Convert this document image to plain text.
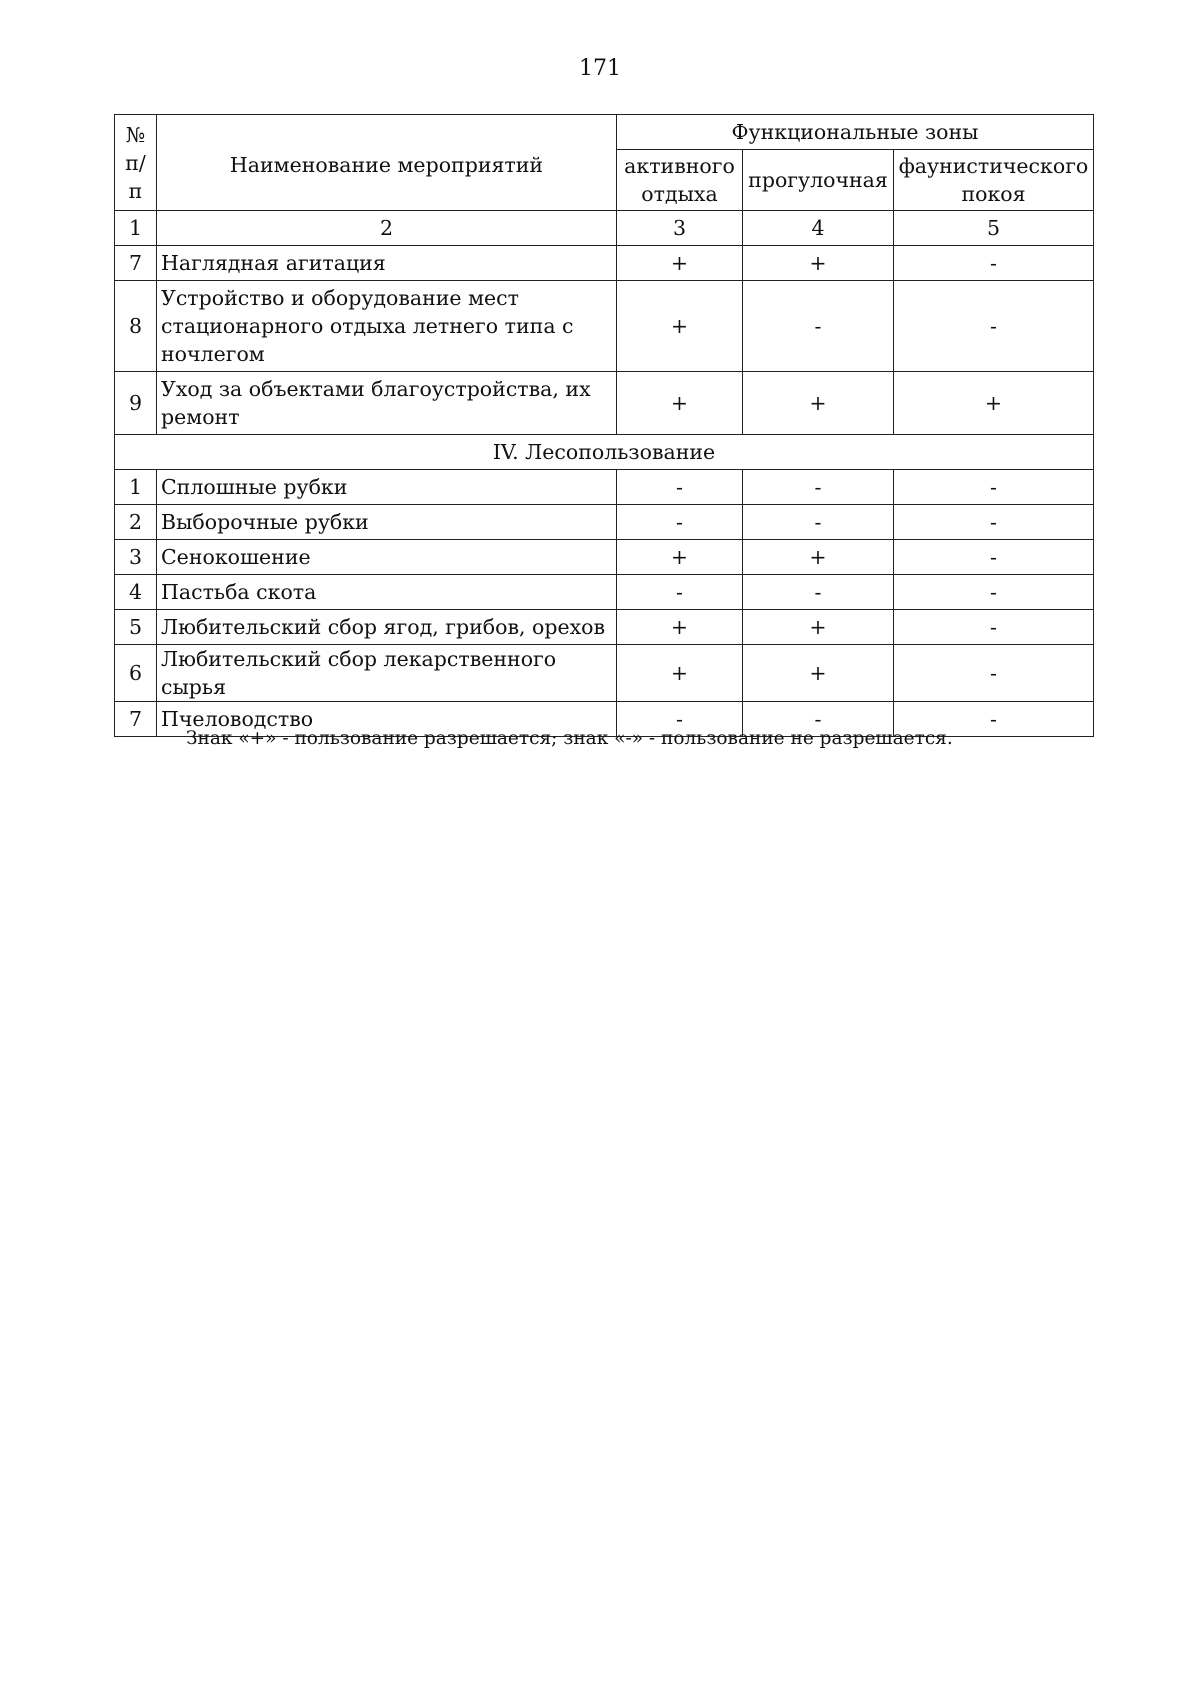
171
№ п/п	Наименование мероприятий	Функциональные зоны		
		активного отдыха	прогулочная	фаунистического покоя
1	2	3	4	5
7	Наглядная агитация	+	+	-
8	Устройство и оборудование мест стационарного отдыха летнего типа с ночлегом	+	-	-
9	Уход за объектами благоустройства, их ремонт	+	+	+
IV. Лесопользование				
1	Сплошные рубки	-	-	-
2	Выборочные рубки	-	-	-
3	Сенокошение	+	+	-
4	Пастьба скота	-	-	-
5	Любительский сбор ягод, грибов, орехов	+	+	-
6	Любительский сбор лекарственного сырья	+	+	-
7	Пчеловодство	-	-	-
Знак «+» - пользование разрешается; знак «-» - пользование не разрешается.
